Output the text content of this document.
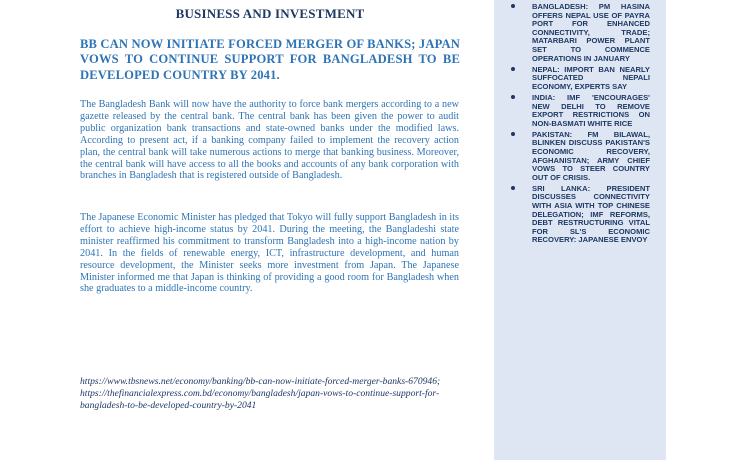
BUSINESS AND INVESTMENT
BB CAN NOW INITIATE FORCED MERGER OF BANKS; JAPAN VOWS TO CONTINUE SUPPORT FOR BANGLADESH TO BE DEVELOPED COUNTRY BY 2041.

The Bangladesh Bank will now have the authority to force bank mergers according to a new gazette released by the central bank. The central bank has been given the power to audit public organization bank transactions and state-owned banks under the modified laws. According to present act, if a banking company failed to implement the recovery action plan, the central bank will take numerous actions to merge that banking business. Moreover, the central bank will have access to all the books and accounts of any bank corporation with branches in Bangladesh that is registered outside of Bangladesh.

The Japanese Economic Minister has pledged that Tokyo will fully support Bangladesh in its effort to achieve high-income status by 2041. During the meeting, the Bangladeshi state minister reaffirmed his commitment to transform Bangladesh into a high-income nation by 2041. In the fields of renewable energy, ICT, infrastructure development, and human resource development, the Minister seeks more investment from Japan. The Japanese Minister informed me that Japan is thinking of providing a good room for Bangladesh when she graduates to a middle-income country.

https://www.tbsnews.net/economy/banking/bb-can-now-initiate-forced-merger-banks-670946;
https://thefinancialexpress.com.bd/economy/bangladesh/japan-vows-to-continue-support-for-bangladesh-to-be-developed-country-by-2041
BANGLADESH: PM HASINA OFFERS NEPAL USE OF PAYRA PORT FOR ENHANCED CONNECTIVITY, TRADE; MATARBARI POWER PLANT SET TO COMMENCE OPERATIONS IN JANUARY
NEPAL: IMPORT BAN NEARLY SUFFOCATED NEPALI ECONOMY, EXPERTS SAY
INDIA: IMF 'ENCOURAGES' NEW DELHI TO REMOVE EXPORT RESTRICTIONS ON NON-BASMATI WHITE RICE
PAKISTAN: FM BILAWAL, BLINKEN DISCUSS PAKISTAN'S ECONOMIC RECOVERY, AFGHANISTAN; ARMY CHIEF VOWS TO STEER COUNTRY OUT OF CRISIS.
SRI LANKA: PRESIDENT DISCUSSES CONNECTIVITY WITH ASIA WITH TOP CHINESE DELEGATION; IMF REFORMS, DEBT RESTRUCTURING VITAL FOR SL'S ECONOMIC RECOVERY: JAPANESE ENVOY
